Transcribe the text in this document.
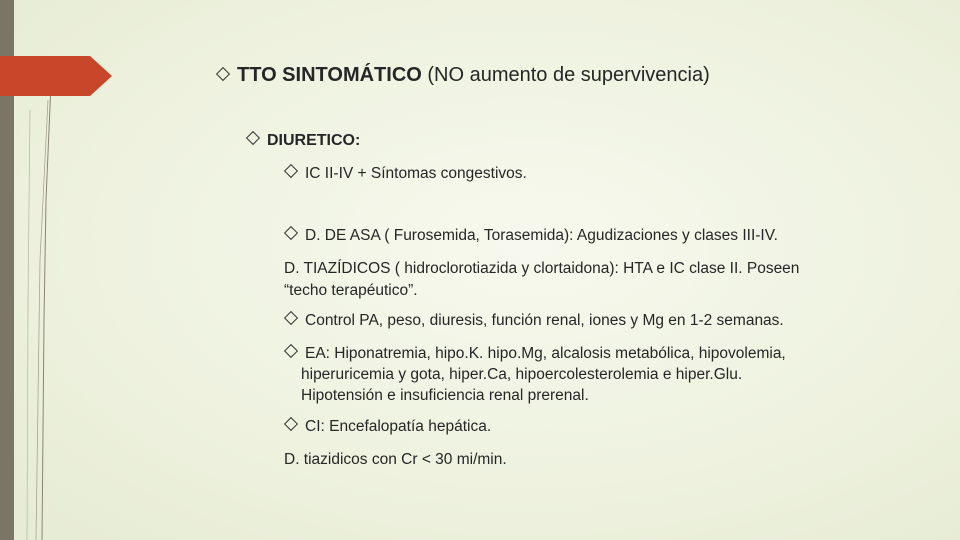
TTO SINTOMÁTICO (NO aumento de supervivencia)
DIURETICO:
IC II-IV + Síntomas congestivos.
D. DE ASA ( Furosemida, Torasemida): Agudizaciones y clases III-IV.
D. TIAZÍDICOS ( hidroclorotiazida y clortaidona): HTA e IC clase II. Poseen
“techo terapéutico”.
Control PA, peso, diuresis, función renal, iones y Mg en 1-2 semanas.
EA: Hiponatremia, hipo.K. hipo.Mg, alcalosis metabólica, hipovolemia,
hiperuricemia y gota, hiper.Ca, hipoercolesterolemia e hiper.Glu.
Hipotensión e insuficiencia renal prerenal.
CI: Encefalopatía hepática.
D. tiazidicos con Cr < 30 mi/min.
